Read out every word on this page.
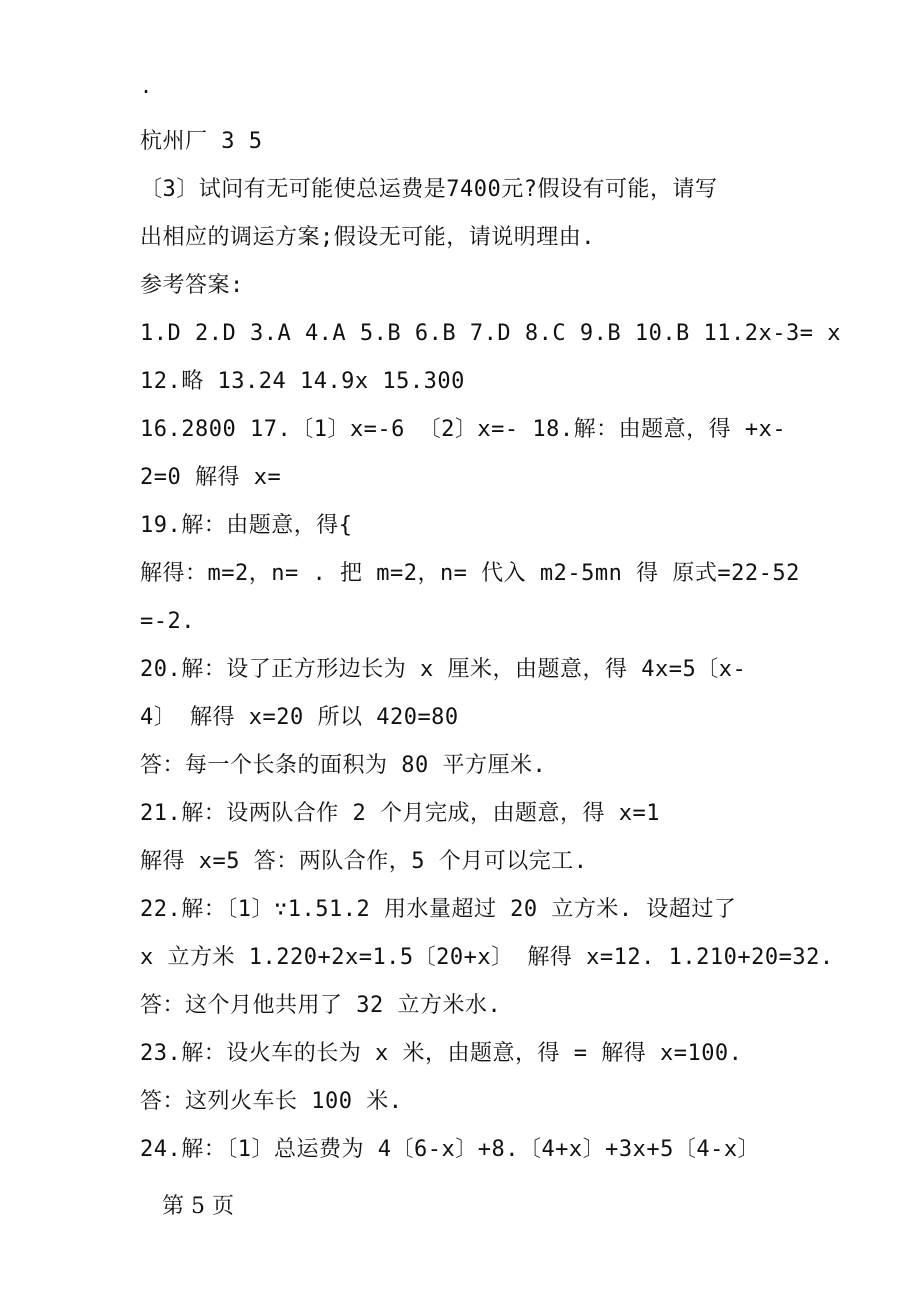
.
杭州厂 3 5
〔3〕试问有无可能使总运费是7400元?假设有可能，请写
出相应的调运方案;假设无可能，请说明理由.
参考答案:
1.D 2.D 3.A 4.A 5.B 6.B 7.D 8.C 9.B 10.B 11.2x-3= x
12.略 13.24 14.9x 15.300
16.2800 17.〔1〕x=-6 〔2〕x=- 18.解：由题意，得 +x-
2=0 解得 x=
19.解：由题意，得{
解得：m=2，n= . 把 m=2，n= 代入 m2-5mn 得 原式=22-52
=-2.
20.解：设了正方形边长为 x 厘米，由题意，得 4x=5〔x-
4〕 解得 x=20 所以 420=80
答：每一个长条的面积为 80 平方厘米.
21.解：设两队合作 2 个月完成，由题意，得 x=1
解得 x=5 答：两队合作，5 个月可以完工.
22.解：〔1〕∵1.51.2 用水量超过 20 立方米. 设超过了
x 立方米 1.220+2x=1.5〔20+x〕 解得 x=12. 1.210+20=32.
答：这个月他共用了 32 立方米水.
23.解：设火车的长为 x 米，由题意，得 = 解得 x=100.
答：这列火车长 100 米.
24.解：〔1〕总运费为 4〔6-x〕+8.〔4+x〕+3x+5〔4-x〕
第 5 页
